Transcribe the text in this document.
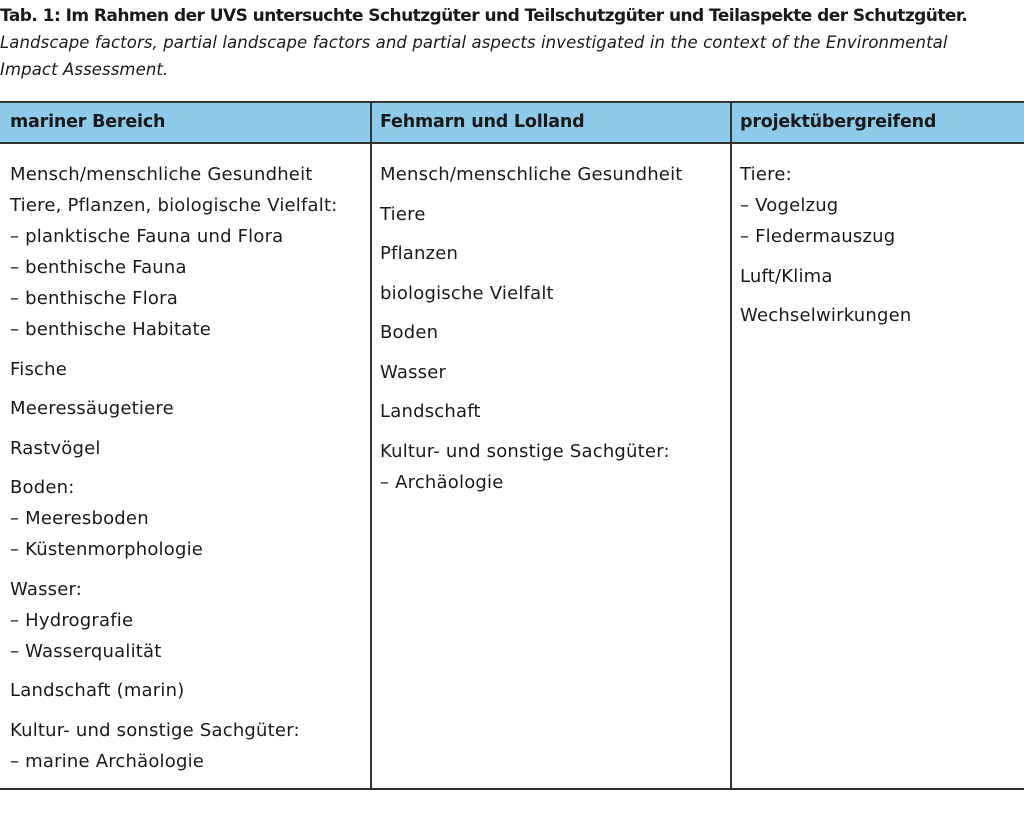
Tab. 1: Im Rahmen der UVS untersuchte Schutzgüter und Teilschutzgüter und Teilaspekte der Schutzgüter.
Landscape factors, partial landscape factors and partial aspects investigated in the context of the Environmental
Impact Assessment.
mariner Bereich	Fehmarn und Lolland	projektübergreifend
Mensch/menschliche Gesundheit
Tiere, Pflanzen, biologische Vielfalt:
– planktische Fauna und Flora
– benthische Fauna
– benthische Flora
– benthische Habitate
Fische
Meeressäugetiere
Rastvögel
Boden:
– Meeresboden
– Küstenmorphologie
Wasser:
– Hydrografie
– Wasserqualität
Landschaft (marin)
Kultur- und sonstige Sachgüter:
– marine Archäologie
Mensch/menschliche Gesundheit
Tiere
Pflanzen
biologische Vielfalt
Boden
Wasser
Landschaft
Kultur- und sonstige Sachgüter:
– Archäologie
Tiere:
– Vogelzug
– Fledermauszug
Luft/Klima
Wechselwirkungen
